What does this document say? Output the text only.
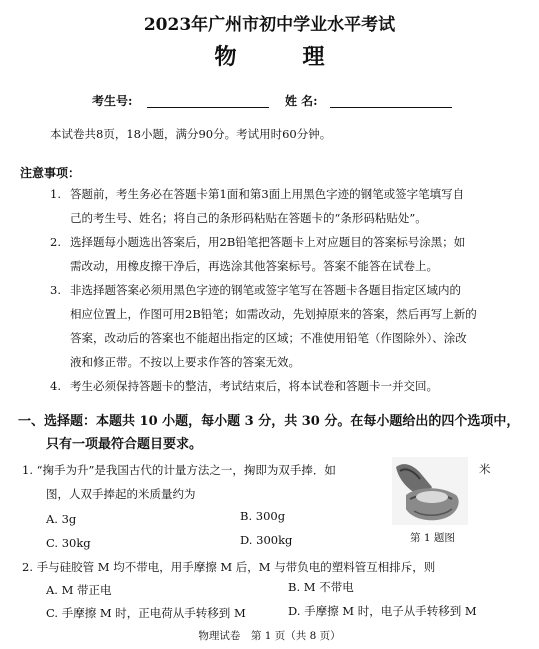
2023年广州市初中学业水平考试
物　理
考生号:	姓 名:
本试卷共8页，18小题，满分90分。考试用时60分钟。
注意事项：
1. 答题前，考生务必在答题卡第1面和第3面上用黑色字迹的钢笔或签字笔填写自
己的考生号、姓名；将自己的条形码粘贴在答题卡的“条形码粘贴处”。
2. 选择题每小题选出答案后，用2B铅笔把答题卡上对应题目的答案标号涂黑；如
需改动，用橡皮擦干净后，再选涂其他答案标号。答案不能答在试卷上。
3. 非选择题答案必须用黑色字迹的钢笔或签字笔写在答题卡各题目指定区域内的
相应位置上，作图可用2B铅笔；如需改动，先划掉原来的答案，然后再写上新的
答案，改动后的答案也不能超出指定的区域；不准使用铅笔（作图除外）、涂改
液和修正带。不按以上要求作答的答案无效。
4. 考生必须保持答题卡的整洁，考试结束后，将本试卷和答题卡一并交回。
一、选择题：本题共 10 小题，每小题 3 分，共 30 分。在每小题给出的四个选项中，
只有一项最符合题目要求。
1. “掬手为升”是我国古代的计量方法之一，掬即为双手捧．如
图，人双手捧起的米质量约为
A. 3g	B. 300g
C. 30kg	D. 300kg
米
第 1 题图
2. 手与硅胶管 M 均不带电，用手摩擦 M 后，M 与带负电的塑料管互相排斥，则
A. M 带正电	B. M 不带电
C. 手摩擦 M 时，正电荷从手转移到 M	D. 手摩擦 M 时，电子从手转移到 M
物理试卷　第 1 页（共 8 页）
